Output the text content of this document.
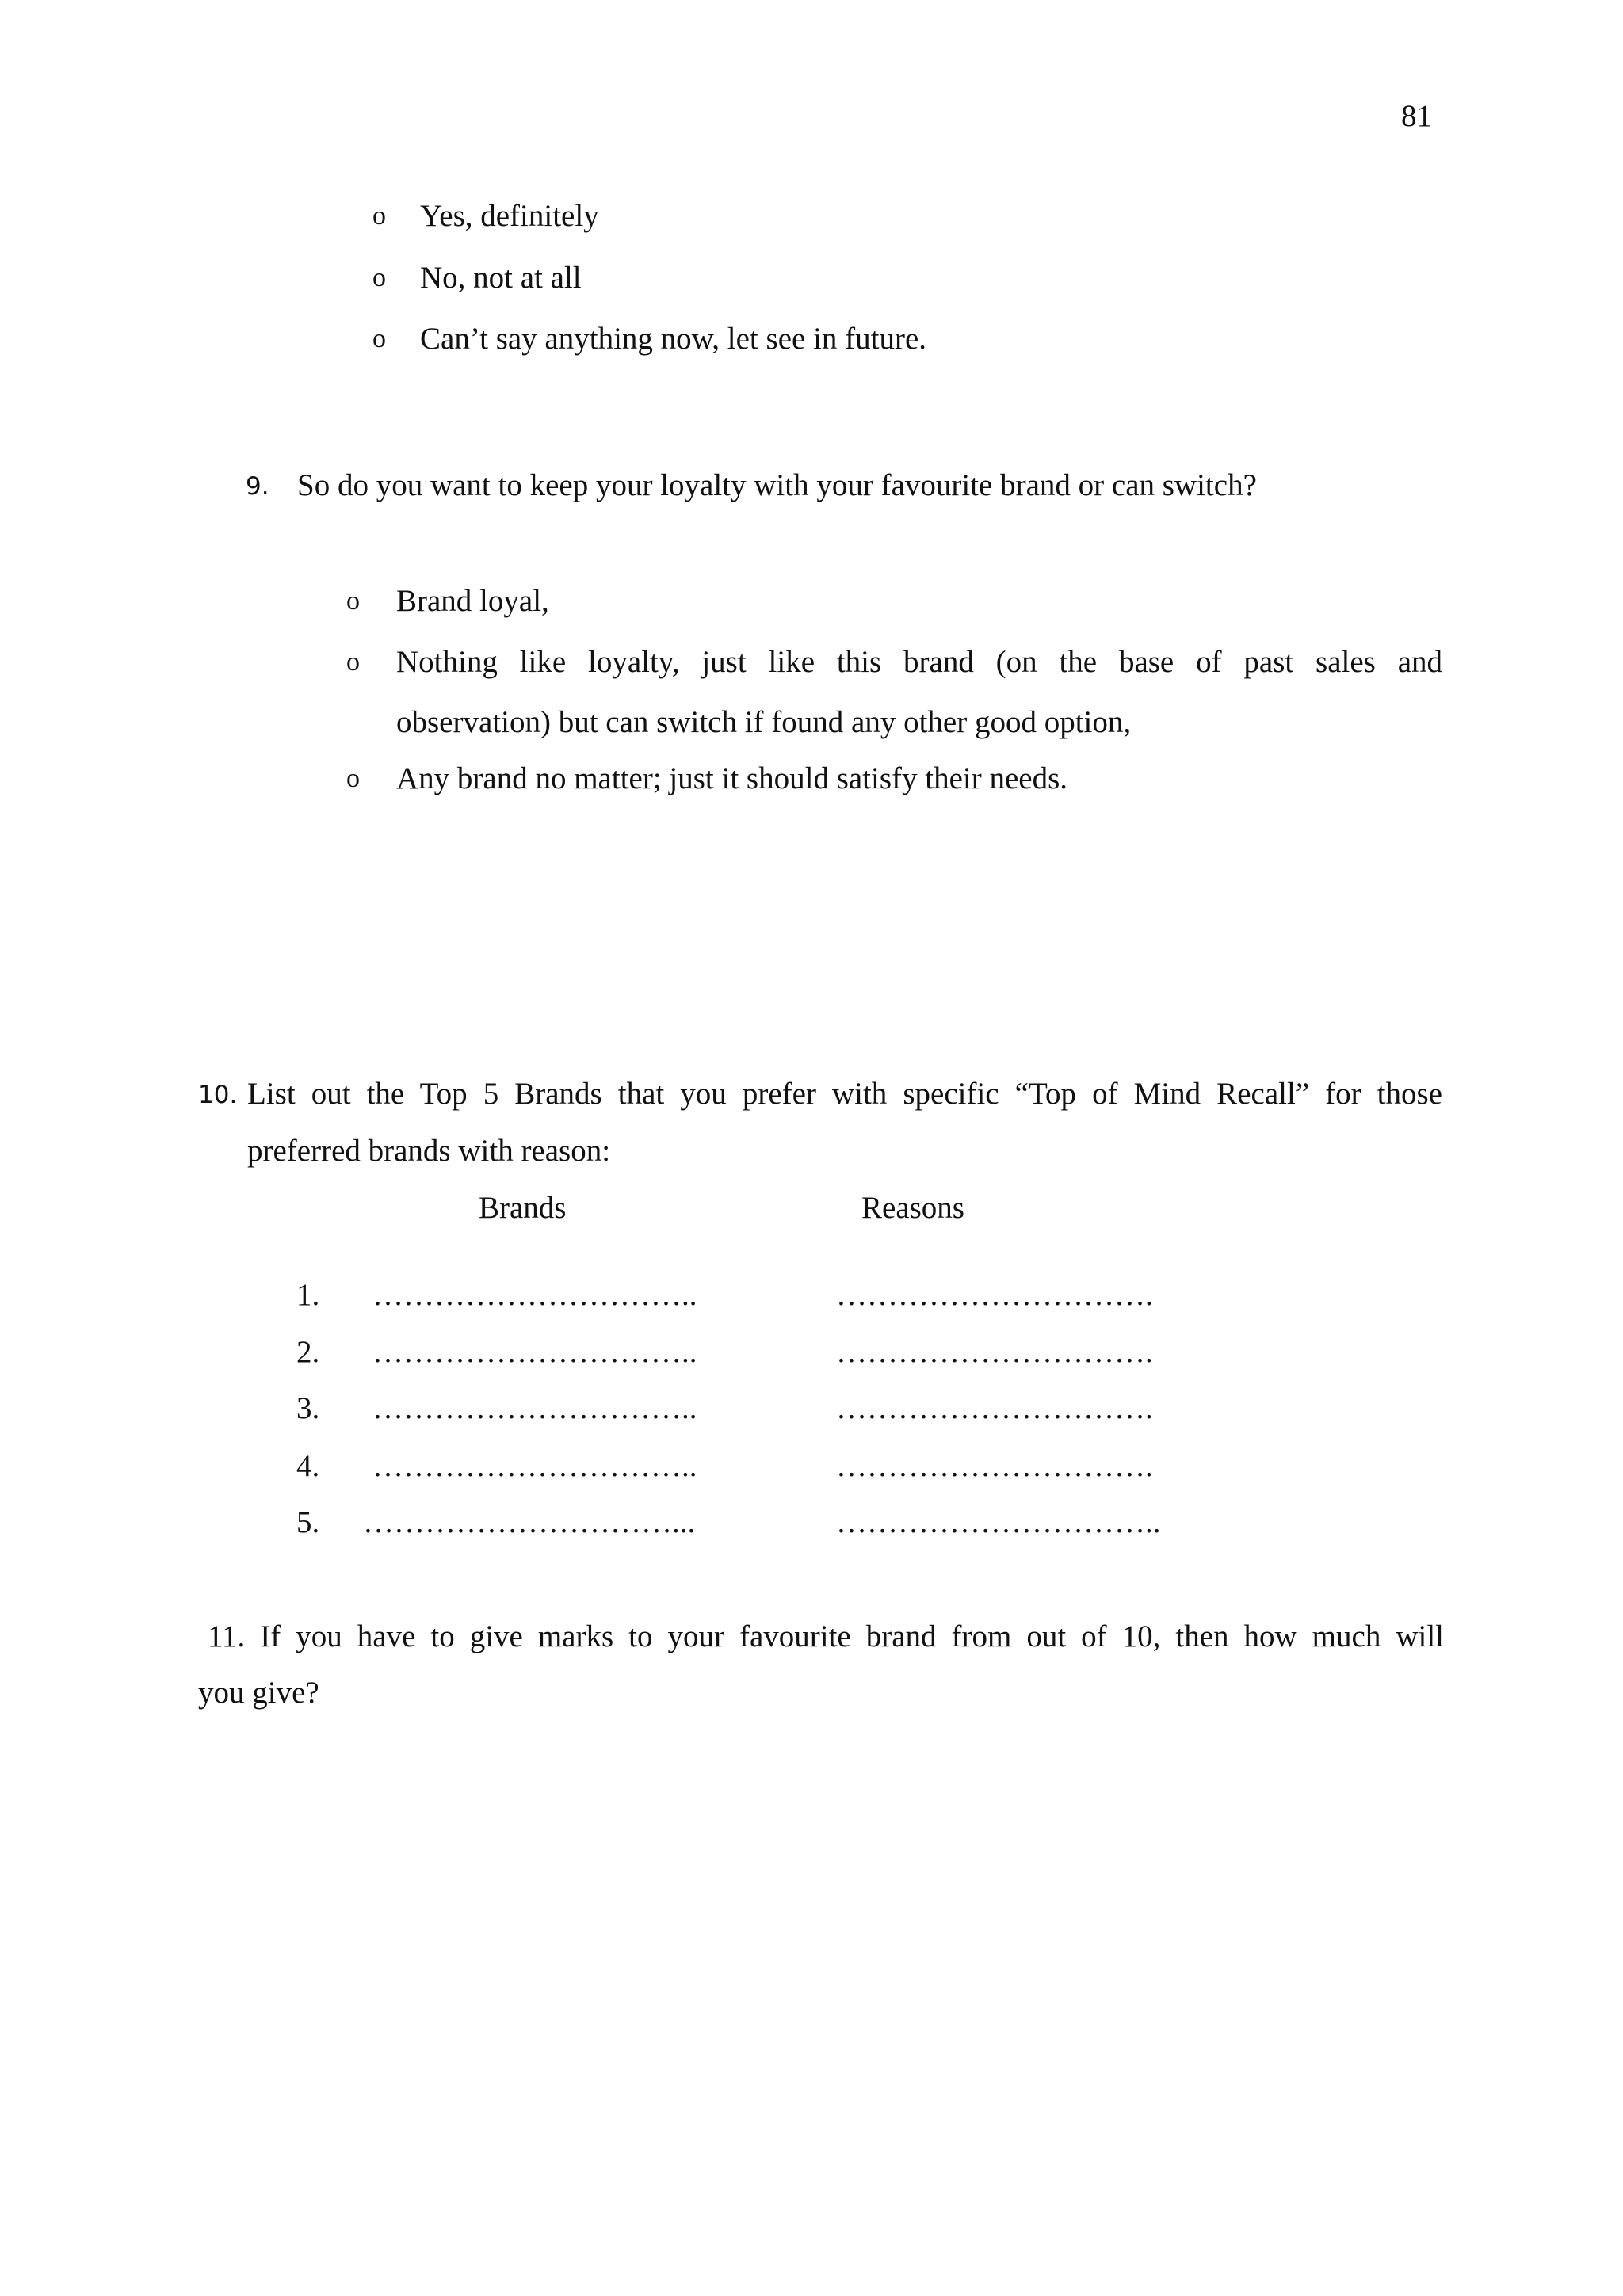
81
o Yes, definitely
o No, not at all
o Can’t say anything now, let see in future.
9. So do you want to keep your loyalty with your favourite brand or can switch?
o Brand loyal,
o Nothing like loyalty, just like this brand (on the base of past sales and
observation) but can switch if found any other good option,
o Any brand no matter; just it should satisfy their needs.
10. List out the Top 5 Brands that you prefer with specific “Top of Mind Recall” for those
preferred brands with reason:
Brands	Reasons
1. …………………………..	………………………….
2. …………………………..	………………………….
3. …………………………..	………………………….
4. …………………………..	………………………….
5. …………………………...	…………………………..
11. If you have to give marks to your favourite brand from out of 10, then how much will
you give?
